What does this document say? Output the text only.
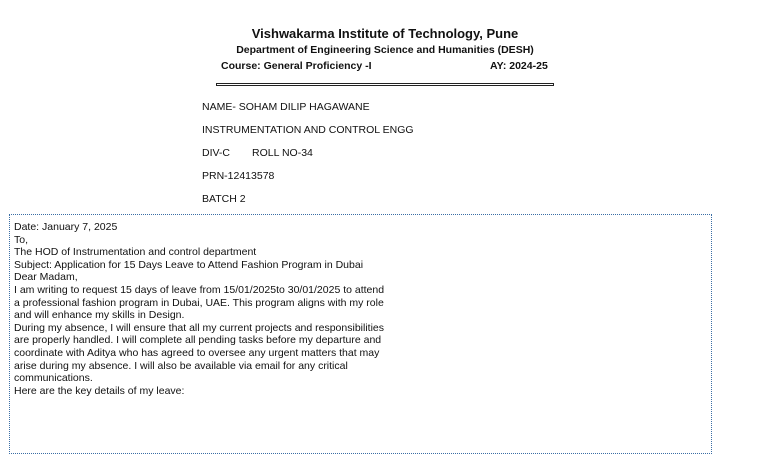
Vishwakarma Institute of Technology, Pune
Department of Engineering Science and Humanities (DESH)
Course: General Proficiency -I	AY: 2024-25
NAME- SOHAM DILIP HAGAWANE
INSTRUMENTATION AND CONTROL ENGG
DIV-C ROLL NO-34
PRN-12413578
BATCH 2
Date: January 7, 2025
To,
The HOD of Instrumentation and control department
Subject: Application for 15 Days Leave to Attend Fashion Program in Dubai
Dear Madam,
I am writing to request 15 days of leave from 15/01/2025to 30/01/2025 to attend
a professional fashion program in Dubai, UAE. This program aligns with my role
and will enhance my skills in Design.
During my absence, I will ensure that all my current projects and responsibilities
are properly handled. I will complete all pending tasks before my departure and
coordinate with Aditya who has agreed to oversee any urgent matters that may
arise during my absence. I will also be available via email for any critical
communications.
Here are the key details of my leave:
